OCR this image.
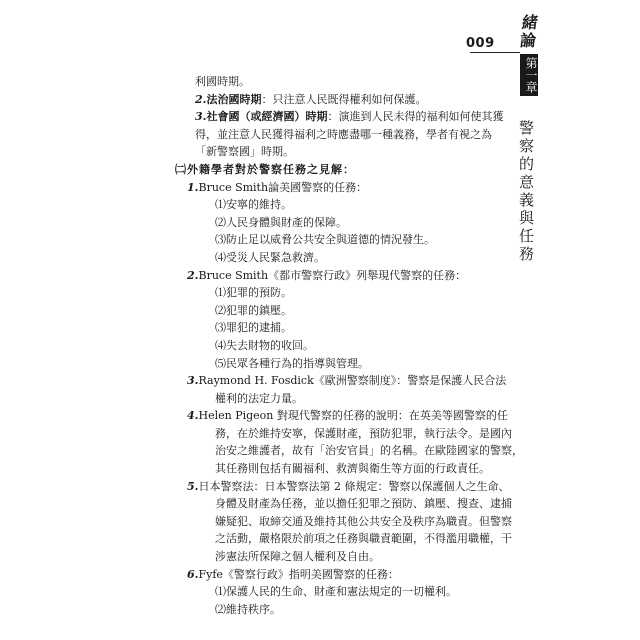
009
緒論
第一章
警察的意義與任務
利國時期。
2.法治國時期：只注意人民既得權利如何保護。
3.社會國（或經濟國）時期：演進到人民未得的福利如何使其獲
得，並注意人民獲得福利之時應盡哪一種義務，學者有視之為
「新警察國」時期。
㈡外籍學者對於警察任務之見解：
1.Bruce Smith論美國警察的任務：
⑴安寧的維持。
⑵人民身體與財產的保障。
⑶防止足以威脅公共安全與道德的情況發生。
⑷受災人民緊急救濟。
2.Bruce Smith《都市警察行政》列舉現代警察的任務：
⑴犯罪的預防。
⑵犯罪的鎮壓。
⑶罪犯的逮捕。
⑷失去財物的收回。
⑸民眾各種行為的指導與管理。
3.Raymond H. Fosdick《歐洲警察制度》：警察是保護人民合法
權利的法定力量。
4.Helen Pigeon 對現代警察的任務的說明：在英美等國警察的任
務，在於維持安寧，保護財產，預防犯罪，執行法令。是國內
治安之維護者，故有「治安官員」的名稱。在歐陸國家的警察，
其任務則包括有關福利、救濟與衛生等方面的行政責任。
5.日本警察法：日本警察法第 2 條規定：警察以保護個人之生命、
身體及財產為任務，並以擔任犯罪之預防、鎮壓、搜查、逮捕
嫌疑犯、取締交通及維持其他公共安全及秩序為職責。但警察
之活動，嚴格限於前項之任務與職責範圍，不得濫用職權，干
涉憲法所保障之個人權利及自由。
6.Fyfe《警察行政》指明美國警察的任務：
⑴保護人民的生命、財產和憲法規定的一切權利。
⑵維持秩序。
